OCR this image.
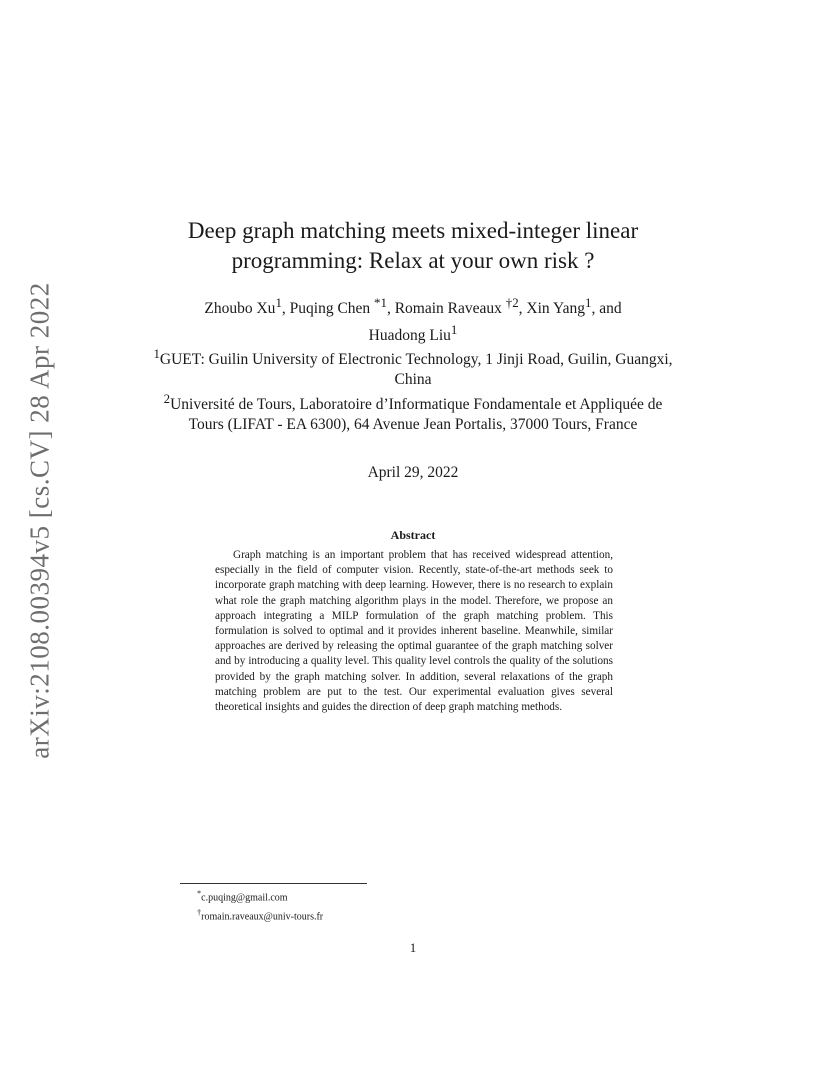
arXiv:2108.00394v5 [cs.CV] 28 Apr 2022
Deep graph matching meets mixed-integer linear
programming: Relax at your own risk ?
Zhoubo Xu$^1$, Puqing Chen $^{*1}$, Romain Raveaux $^{\dagger 2}$, Xin Yang$^1$, and
Huadong Liu$^1$

$^1$GUET: Guilin University of Electronic Technology, 1 Jinji Road, Guilin, Guangxi, China

$^2$Université de Tours, Laboratoire d’Informatique Fondamentale et Appliquée de Tours (LIFAT - EA 6300), 64 Avenue Jean Portalis, 37000 Tours, France

April 29, 2022
Abstract

Graph matching is an important problem that has received widespread attention, especially in the field of computer vision. Recently, state-of-the-art methods seek to incorporate graph matching with deep learning. However, there is no research to explain what role the graph matching algorithm plays in the model. Therefore, we propose an approach integrating a MILP formulation of the graph matching problem. This formulation is solved to optimal and it provides inherent baseline. Meanwhile, similar approaches are derived by releasing the optimal guarantee of the graph matching solver and by introducing a quality level. This quality level controls the quality of the solutions provided by the graph matching solver. In addition, several relaxations of the graph matching problem are put to the test. Our experimental evaluation gives several theoretical insights and guides the direction of deep graph matching methods.

*c.puqing@gmail.com
†romain.raveaux@univ-tours.fr
1
